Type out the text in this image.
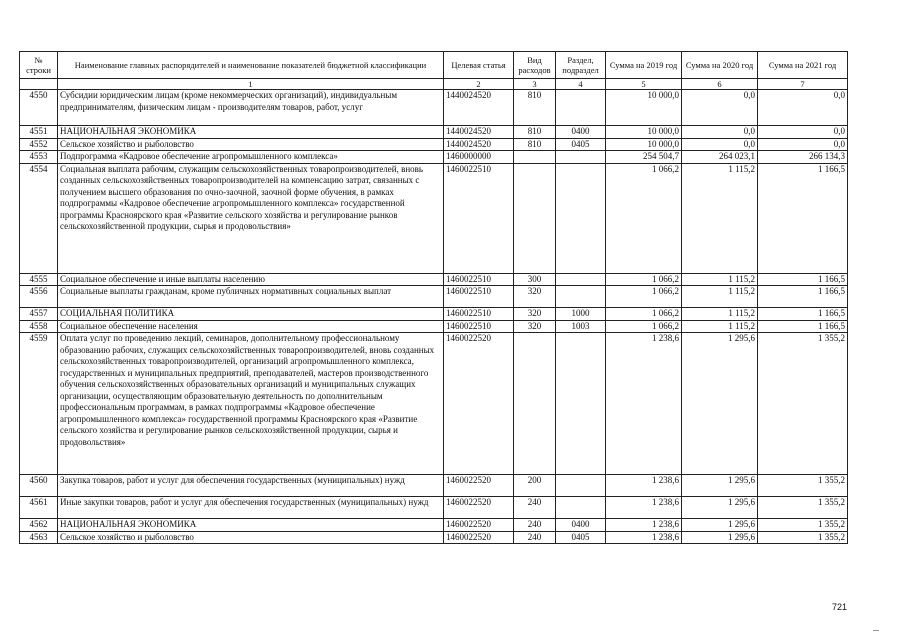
№
строки	Наименование главных распорядителей и наименование показателей бюджетной классификации	Целевая статья	Вид расходов	Раздел, подраздел	Сумма на 2019 год	Сумма на 2020 год	Сумма на 2021 год
	1	2	3	4	5	6	7
4550	Субсидии юридическим лицам (кроме некоммерческих организаций), индивидуальным предпринимателям, физическим лицам - производителям товаров, работ, услуг	1440024520	810		10 000,0	0,0	0,0
4551	НАЦИОНАЛЬНАЯ ЭКОНОМИКА	1440024520	810	0400	10 000,0	0,0	0,0
4552	Сельское хозяйство и рыболовство	1440024520	810	0405	10 000,0	0,0	0,0
4553	Подпрограмма «Кадровое обеспечение агропромышленного комплекса»	1460000000			254 504,7	264 023,1	266 134,3
4554	Социальная выплата рабочим, служащим сельскохозяйственных товаропроизводителей, вновь созданных сельскохозяйственных товаропроизводителей на компенсацию затрат, связанных с получением высшего образования по очно-заочной, заочной форме обучения, в рамках подпрограммы «Кадровое обеспечение агропромышленного комплекса» государственной программы Красноярского края «Развитие сельского хозяйства и регулирование рынков сельскохозяйственной продукции, сырья и продовольствия»	1460022510			1 066,2	1 115,2	1 166,5
4555	Социальное обеспечение и иные выплаты населению	1460022510	300		1 066,2	1 115,2	1 166,5
4556	Социальные выплаты гражданам, кроме публичных нормативных социальных выплат	1460022510	320		1 066,2	1 115,2	1 166,5
4557	СОЦИАЛЬНАЯ ПОЛИТИКА	1460022510	320	1000	1 066,2	1 115,2	1 166,5
4558	Социальное обеспечение населения	1460022510	320	1003	1 066,2	1 115,2	1 166,5
4559	Оплата услуг по проведению лекций, семинаров, дополнительному профессиональному образованию рабочих, служащих сельскохозяйственных товаропроизводителей, вновь созданных сельскохозяйственных товаропроизводителей, организаций агропромышленного комплекса, государственных и муниципальных предприятий, преподавателей, мастеров производственного обучения сельскохозяйственных образовательных организаций и муниципальных служащих организации, осуществляющим образовательную деятельность по дополнительным профессиональным программам, в рамках подпрограммы «Кадровое обеспечение агропромышленного комплекса» государственной программы Красноярского края «Развитие сельского хозяйства и регулирование рынков сельскохозяйственной продукции, сырья и продовольствия»	1460022520			1 238,6	1 295,6	1 355,2
4560	Закупка товаров, работ и услуг для обеспечения государственных (муниципальных) нужд	1460022520	200		1 238,6	1 295,6	1 355,2
4561	Иные закупки товаров, работ и услуг для обеспечения государственных (муниципальных) нужд	1460022520	240		1 238,6	1 295,6	1 355,2
4562	НАЦИОНАЛЬНАЯ ЭКОНОМИКА	1460022520	240	0400	1 238,6	1 295,6	1 355,2
4563	Сельское хозяйство и рыболовство	1460022520	240	0405	1 238,6	1 295,6	1 355,2
721
